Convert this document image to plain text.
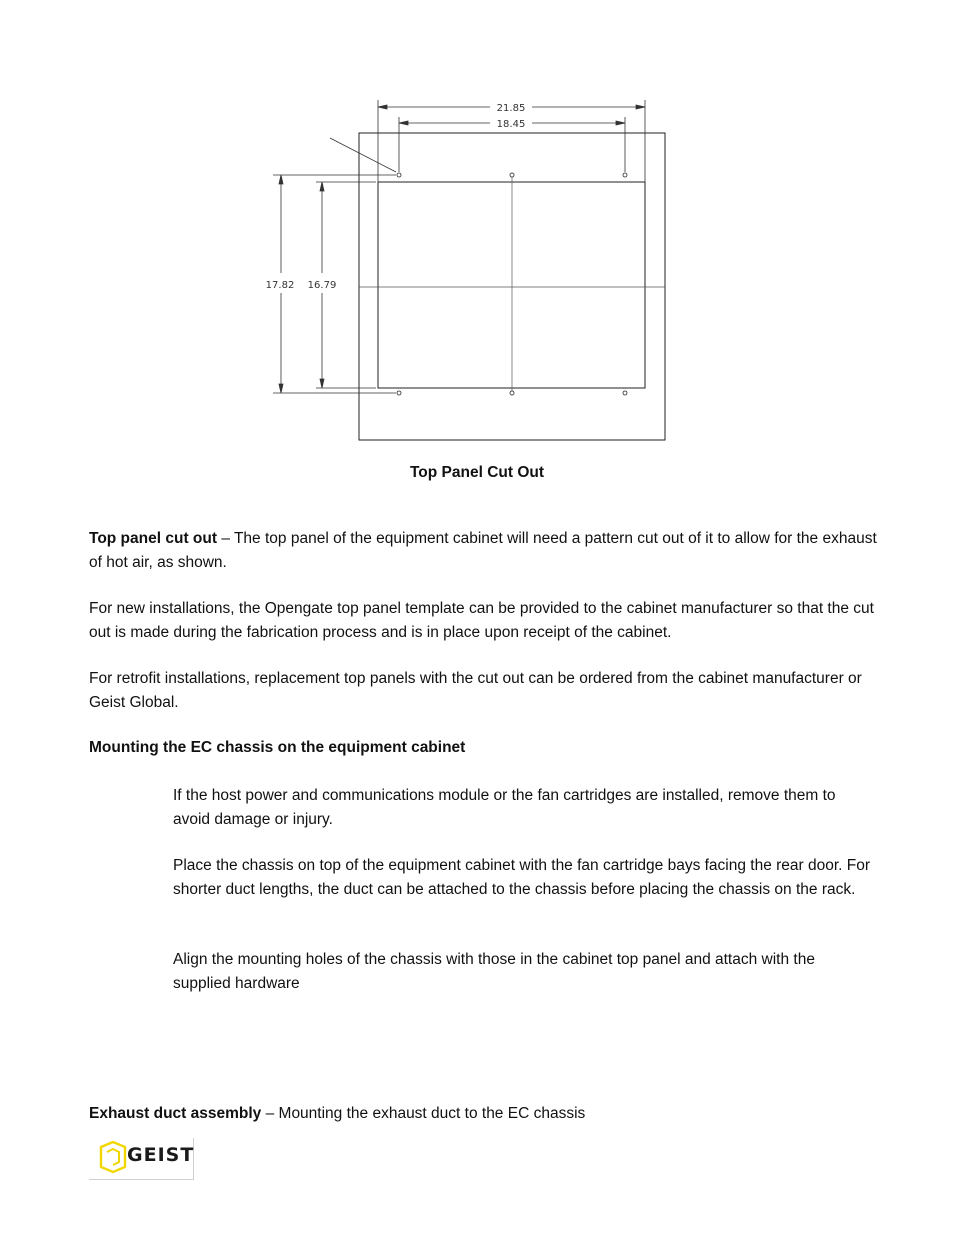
21.85
18.45
17.82 16.79
Top Panel Cut Out

Top panel cut out – The top panel of the equipment cabinet will need a pattern cut out of it to allow for the exhaust of hot air, as shown.

For new installations, the Opengate top panel template can be provided to the cabinet manufacturer so that the cut out is made during the fabrication process and is in place upon receipt of the cabinet.

For retrofit installations, replacement top panels with the cut out can be ordered from the cabinet manufacturer or Geist Global.

Mounting the EC chassis on the equipment cabinet

If the host power and communications module or the fan cartridges are installed, remove them to avoid damage or injury.

Place the chassis on top of the equipment cabinet with the fan cartridge bays facing the rear door. For shorter duct lengths, the duct can be attached to the chassis before placing the chassis on the rack.

Align the mounting holes of the chassis with those in the cabinet top panel and attach with the supplied hardware

Exhaust duct assembly – Mounting the exhaust duct to the EC chassis

GEIST
